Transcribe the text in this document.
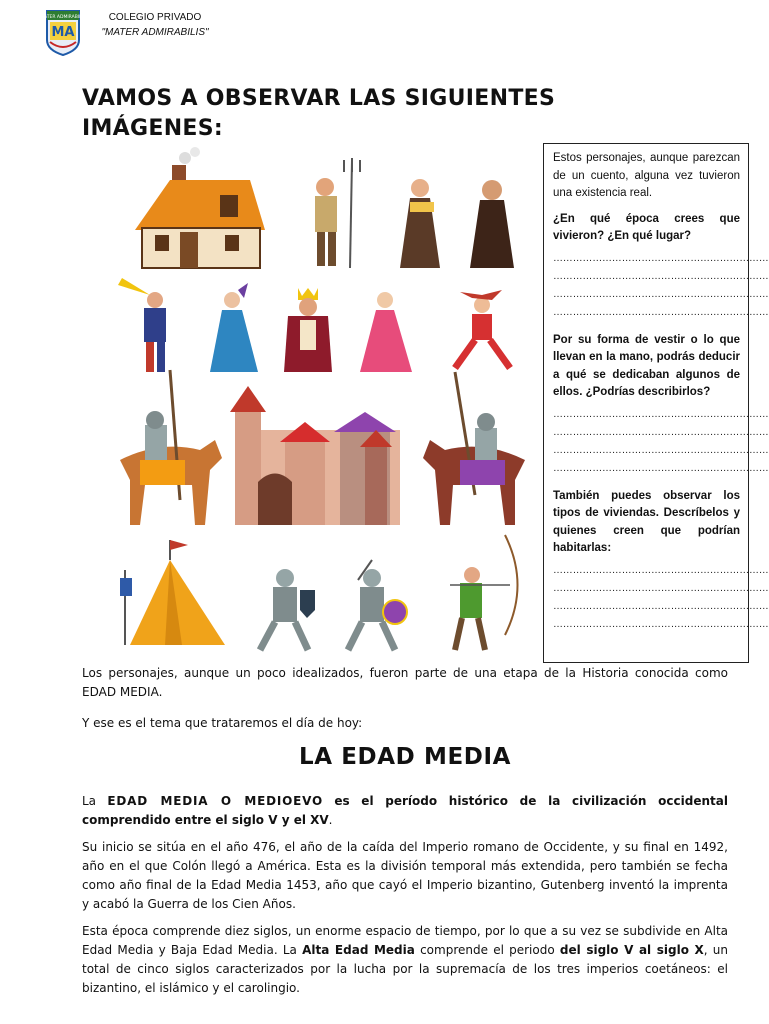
MATER ADMIRABILIS
MA
COLEGIO PRIVADO
"MATER ADMIRABILIS"
VAMOS A OBSERVAR LAS SIGUIENTES IMÁGENES:

Estos personajes, aunque parezcan de un cuento, alguna vez tuvieron una existencia real.

¿En qué época crees que vivieron? ¿En qué lugar?

…………………………………………………………
…………………………………………………………
…………………………………………………………
…………………………………………………………

Por su forma de vestir o lo que llevan en la mano, podrás deducir a qué se dedicaban algunos de ellos. ¿Podrías describirlos?

…………………………………………………………
…………………………………………………………
…………………………………………………………
…………………………………………………………

También puedes observar los tipos de viviendas. Descríbelos y quienes creen que podrían habitarlas:

…………………………………………………………
…………………………………………………………
…………………………………………………………
…………………………………………………………
Los personajes, aunque un poco idealizados, fueron parte de una etapa de la Historia conocida como EDAD MEDIA.
Y ese es el tema que trataremos el día de hoy:
LA EDAD MEDIA
La EDAD MEDIA O MEDIOEVO es el período histórico de la civilización occidental comprendido entre el siglo V y el XV.
Su inicio se sitúa en el año 476, el año de la caída del Imperio romano de Occidente, y su final en 1492, año en el que Colón llegó a América. Esta es la división temporal más extendida, pero también se fecha como año final de la Edad Media 1453, año que cayó el Imperio bizantino, Gutenberg inventó la imprenta y acabó la Guerra de los Cien Años.
Esta época comprende diez siglos, un enorme espacio de tiempo, por lo que a su vez se subdivide en Alta Edad Media y Baja Edad Media. La Alta Edad Media comprende el periodo del siglo V al siglo X, un total de cinco siglos caracterizados por la lucha por la supremacía de los tres imperios coetáneos: el bizantino, el islámico y el carolingio.
